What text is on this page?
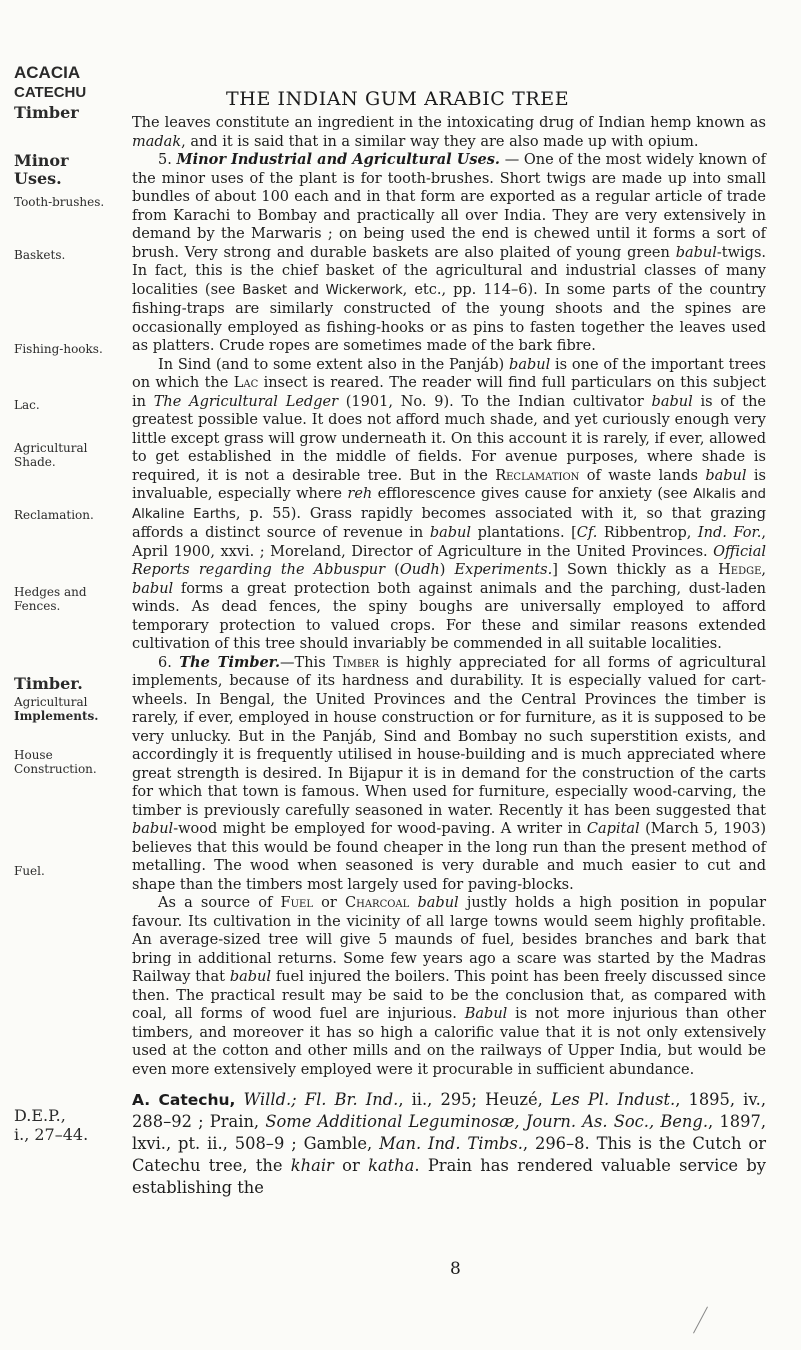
ACACIA
CATECHU
Timber
Minor
Uses.
Tooth-brushes.
Baskets.
Fishing-hooks.
Lac.
Agricultural
Shade.
Reclamation.
Hedges and
Fences.
Timber.
Agricultural
Implements.
House
Construction.
Fuel.
D.E.P.,
i., 27–44.
THE INDIAN GUM ARABIC TREE

The leaves constitute an ingredient in the intoxicating drug of Indian hemp known as madak, and it is said that in a similar way they are also made up with opium.

5. Minor Industrial and Agricultural Uses. — One of the most widely known of the minor uses of the plant is for tooth-brushes. Short twigs are made up into small bundles of about 100 each and in that form are exported as a regular article of trade from Karachi to Bombay and practically all over India. They are very extensively in demand by the Marwaris ; on being used the end is chewed until it forms a sort of brush. Very strong and durable baskets are also plaited of young green babul-twigs. In fact, this is the chief basket of the agricultural and industrial classes of many localities (see Basket and Wickerwork, etc., pp. 114–6). In some parts of the country fishing-traps are similarly constructed of the young shoots and the spines are occasionally employed as fishing-hooks or as pins to fasten together the leaves used as platters. Crude ropes are sometimes made of the bark fibre.

In Sind (and to some extent also in the Panjáb) babul is one of the important trees on which the Lac insect is reared. The reader will find full particulars on this subject in The Agricultural Ledger (1901, No. 9). To the Indian cultivator babul is of the greatest possible value. It does not afford much shade, and yet curiously enough very little except grass will grow underneath it. On this account it is rarely, if ever, allowed to get established in the middle of fields. For avenue purposes, where shade is required, it is not a desirable tree. But in the Reclamation of waste lands babul is invaluable, especially where reh efflorescence gives cause for anxiety (see Alkalis and Alkaline Earths, p. 55). Grass rapidly becomes associated with it, so that grazing affords a distinct source of revenue in babul plantations. [Cf. Ribbentrop, Ind. For., April 1900, xxvi. ; Moreland, Director of Agriculture in the United Provinces. Official Reports regarding the Abbuspur (Oudh) Experiments.] Sown thickly as a Hedge, babul forms a great protection both against animals and the parching, dust-laden winds. As dead fences, the spiny boughs are universally employed to afford temporary protection to valued crops. For these and similar reasons extended cultivation of this tree should invariably be commended in all suitable localities.

6. The Timber.—This Timber is highly appreciated for all forms of agricultural implements, because of its hardness and durability. It is especially valued for cart-wheels. In Bengal, the United Provinces and the Central Provinces the timber is rarely, if ever, employed in house construction or for furniture, as it is supposed to be very unlucky. But in the Panjáb, Sind and Bombay no such superstition exists, and accordingly it is frequently utilised in house-building and is much appreciated where great strength is desired. In Bijapur it is in demand for the construction of the carts for which that town is famous. When used for furniture, especially wood-carving, the timber is previously carefully seasoned in water. Recently it has been suggested that babul-wood might be employed for wood-paving. A writer in Capital (March 5, 1903) believes that this would be found cheaper in the long run than the present method of metalling. The wood when seasoned is very durable and much easier to cut and shape than the timbers most largely used for paving-blocks.

As a source of Fuel or Charcoal babul justly holds a high position in popular favour. Its cultivation in the vicinity of all large towns would seem highly profitable. An average-sized tree will give 5 maunds of fuel, besides branches and bark that bring in additional returns. Some few years ago a scare was started by the Madras Railway that babul fuel injured the boilers. This point has been freely discussed since then. The practical result may be said to be the conclusion that, as compared with coal, all forms of wood fuel are injurious. Babul is not more injurious than other timbers, and moreover it has so high a calorific value that it is not only extensively used at the cotton and other mills and on the railways of Upper India, but would be even more extensively employed were it procurable in sufficient abundance.

A. Catechu, Willd.; Fl. Br. Ind., ii., 295; Heuzé, Les Pl. Indust., 1895, iv., 288–92 ; Prain, Some Additional Leguminosæ, Journ. As. Soc., Beng., 1897, lxvi., pt. ii., 508–9 ; Gamble, Man. Ind. Timbs., 296–8. This is the Cutch or Catechu tree, the khair or katha. Prain has rendered valuable service by establishing the

8
